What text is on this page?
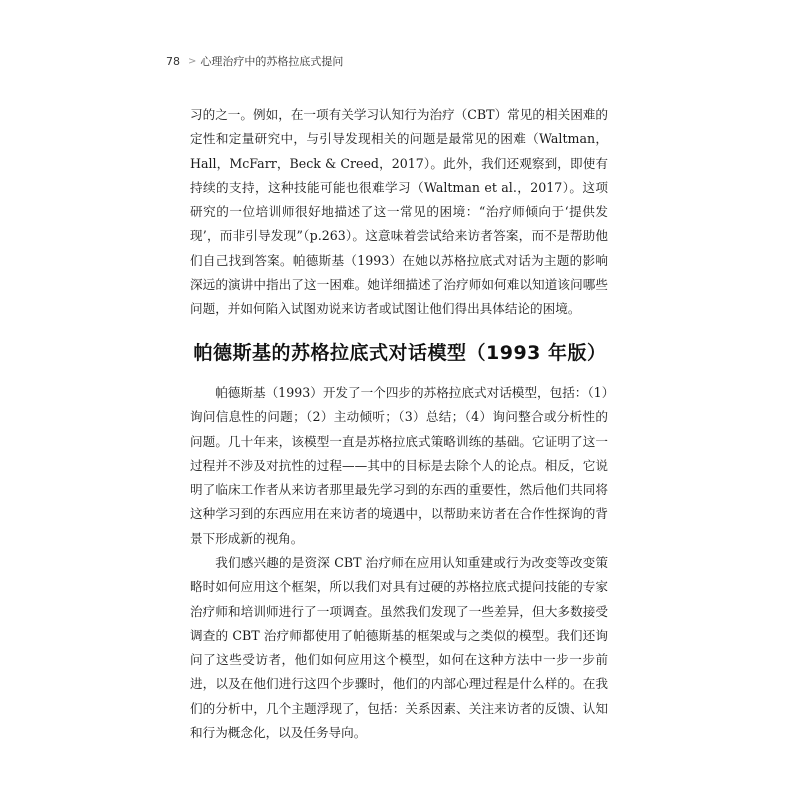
78 > 心理治疗中的苏格拉底式提问

习的之一。例如，在一项有关学习认知行为治疗（CBT）常见的相关困难的定性和定量研究中，与引导发现相关的问题是最常见的困难（Waltman，Hall，McFarr，Beck & Creed，2017）。此外，我们还观察到，即使有持续的支持，这种技能可能也很难学习（Waltman et al.，2017）。这项研究的一位培训师很好地描述了这一常见的困境：“治疗师倾向于‘提供发现’，而非引导发现”（p.263）。这意味着尝试给来访者答案，而不是帮助他们自己找到答案。帕德斯基（1993）在她以苏格拉底式对话为主题的影响深远的演讲中指出了这一困难。她详细描述了治疗师如何难以知道该问哪些问题，并如何陷入试图劝说来访者或试图让他们得出具体结论的困境。

帕德斯基的苏格拉底式对话模型（1993 年版）

帕德斯基（1993）开发了一个四步的苏格拉底式对话模型，包括：（1）询问信息性的问题；（2）主动倾听；（3）总结；（4）询问整合或分析性的问题。几十年来，该模型一直是苏格拉底式策略训练的基础。它证明了这一过程并不涉及对抗性的过程——其中的目标是去除个人的论点。相反，它说明了临床工作者从来访者那里最先学习到的东西的重要性，然后他们共同将这种学习到的东西应用在来访者的境遇中，以帮助来访者在合作性探询的背景下形成新的视角。

我们感兴趣的是资深 CBT 治疗师在应用认知重建或行为改变等改变策略时如何应用这个框架，所以我们对具有过硬的苏格拉底式提问技能的专家治疗师和培训师进行了一项调查。虽然我们发现了一些差异，但大多数接受调查的 CBT 治疗师都使用了帕德斯基的框架或与之类似的模型。我们还询问了这些受访者，他们如何应用这个模型，如何在这种方法中一步一步前进，以及在他们进行这四个步骤时，他们的内部心理过程是什么样的。在我们的分析中，几个主题浮现了，包括：关系因素、关注来访者的反馈、认知和行为概念化，以及任务导向。
